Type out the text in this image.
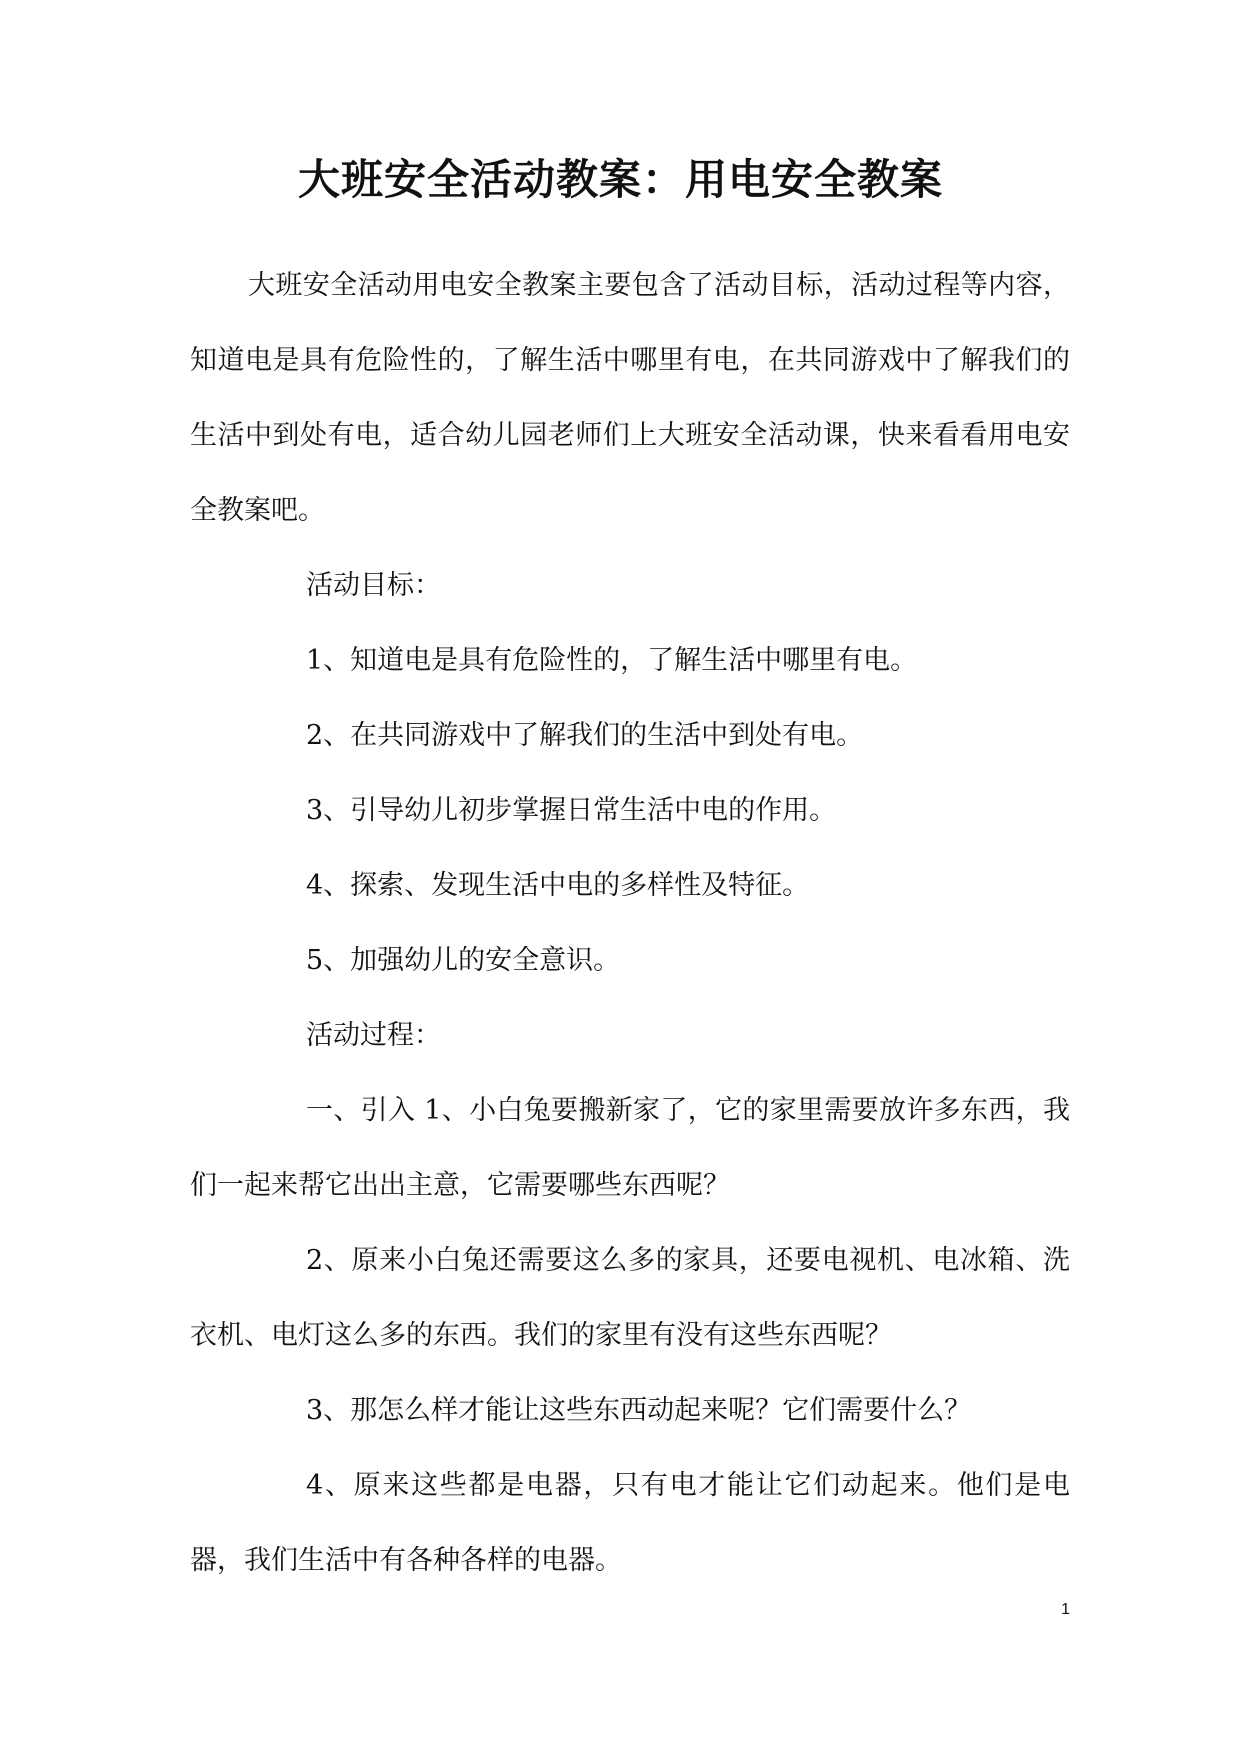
大班安全活动教案：用电安全教案

大班安全活动用电安全教案主要包含了活动目标，活动过程等内容，知道电是具有危险性的，了解生活中哪里有电，在共同游戏中了解我们的生活中到处有电，适合幼儿园老师们上大班安全活动课，快来看看用电安全教案吧。

活动目标：

1、知道电是具有危险性的，了解生活中哪里有电。

2、在共同游戏中了解我们的生活中到处有电。

3、引导幼儿初步掌握日常生活中电的作用。

4、探索、发现生活中电的多样性及特征。

5、加强幼儿的安全意识。

活动过程：

一、引入 1、小白兔要搬新家了，它的家里需要放许多东西，我们一起来帮它出出主意，它需要哪些东西呢？

2、原来小白兔还需要这么多的家具，还要电视机、电冰箱、洗衣机、电灯这么多的东西。我们的家里有没有这些东西呢？

3、那怎么样才能让这些东西动起来呢？它们需要什么？

4、原来这些都是电器，只有电才能让它们动起来。他们是电器，我们生活中有各种各样的电器。

1
